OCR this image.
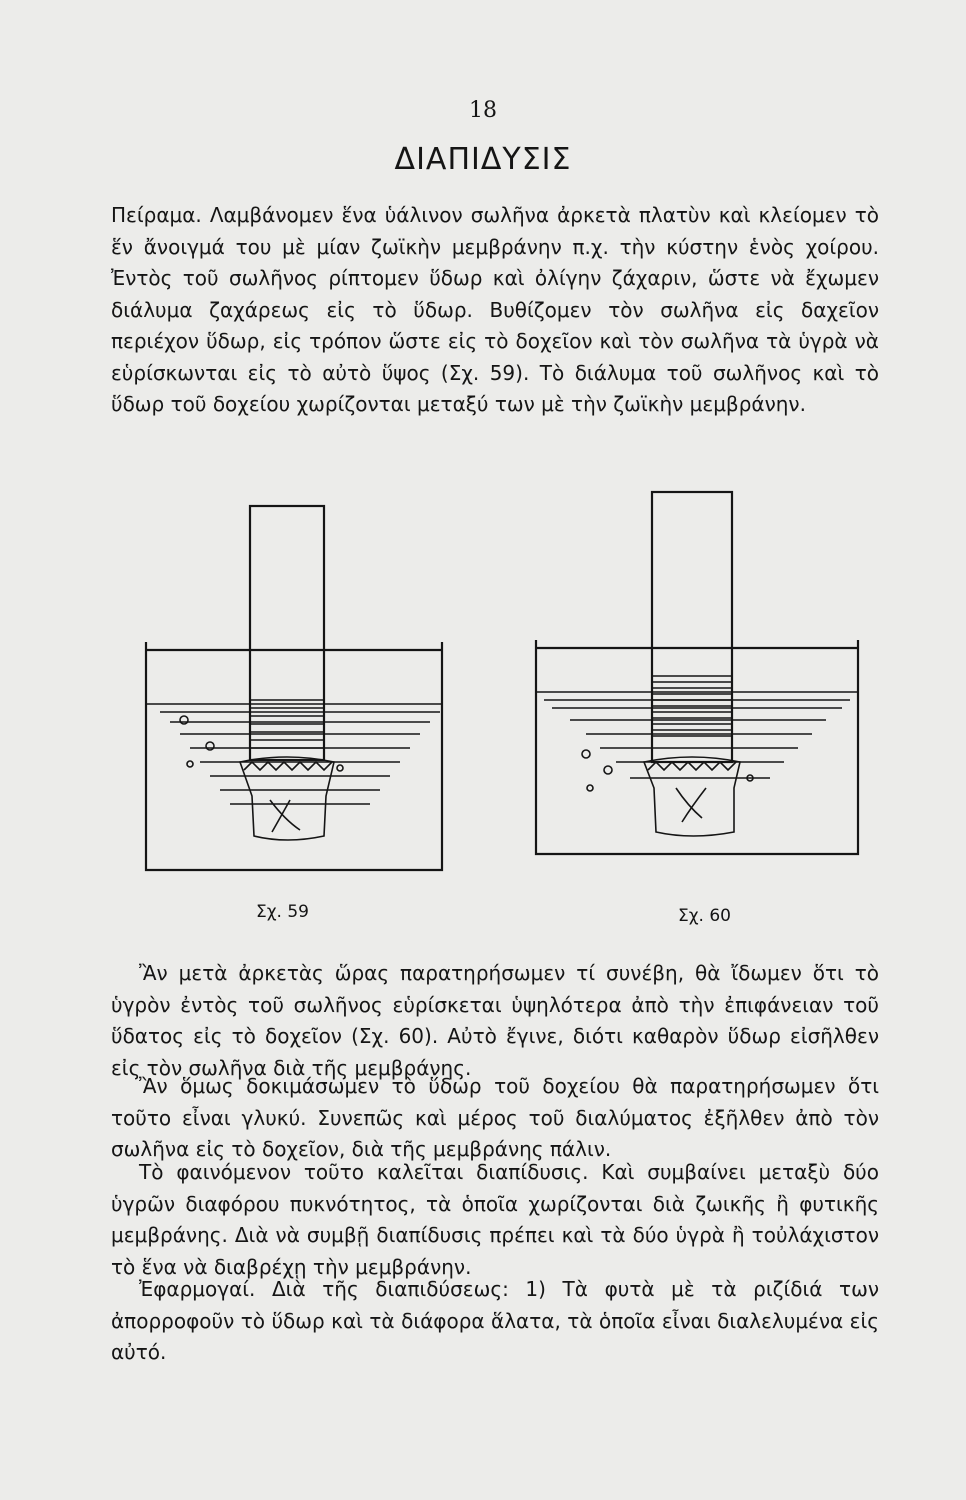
18
ΔΙΑΠΙΔΥΣΙΣ

Πείραμα. Λαμβάνομεν ἕνα ὑάλινον σωλῆνα ἀρκετὰ πλατὺν καὶ κλείομεν τὸ ἕν ἄνοιγμά του μὲ μίαν ζωϊκὴν μεμβράνην π.χ. τὴν κύστην ἑνὸς χοίρου. Ἐντὸς τοῦ σωλῆνος ρίπτομεν ὕδωρ καὶ ὀλίγην ζάχαριν, ὥστε νὰ ἔχωμεν διάλυμα ζαχάρεως εἰς τὸ ὕδωρ. Βυθίζομεν τὸν σωλῆνα εἰς δαχεῖον περιέχον ὕδωρ, εἰς τρόπον ὥστε εἰς τὸ δοχεῖον καὶ τὸν σωλῆνα τὰ ὑγρὰ νὰ εὑρίσκωνται εἰς τὸ αὐτὸ ὕψος (Σχ. 59). Τὸ διάλυμα τοῦ σωλῆνος καὶ τὸ ὕδωρ τοῦ δοχείου χωρίζονται μεταξύ των μὲ τὴν ζωϊκὴν μεμβράνην.

Σχ. 59	Σχ. 60

Ἂν μετὰ ἀρκετὰς ὥρας παρατηρήσωμεν τί συνέβη, θὰ ἴδωμεν ὅτι τὸ ὑγρὸν ἐντὸς τοῦ σωλῆνος εὑρίσκεται ὑψηλότερα ἀπὸ τὴν ἐπιφάνειαν τοῦ ὕδατος εἰς τὸ δοχεῖον (Σχ. 60). Αὐτὸ ἔγινε, διότι καθαρὸν ὕδωρ εἰσῆλθεν εἰς τὸν σωλῆνα διὰ τῆς μεμβράνης.

Ἂν ὅμως δοκιμάσωμεν τὸ ὕδωρ τοῦ δοχείου θὰ παρατηρήσωμεν ὅτι τοῦτο εἶναι γλυκύ. Συνεπῶς καὶ μέρος τοῦ διαλύματος ἐξῆλθεν ἀπὸ τὸν σωλῆνα εἰς τὸ δοχεῖον, διὰ τῆς μεμβράνης πάλιν.

Τὸ φαινόμενον τοῦτο καλεῖται διαπίδυσις. Καὶ συμβαίνει μεταξὺ δύο ὑγρῶν διαφόρου πυκνότητος, τὰ ὁποῖα χωρίζονται διὰ ζωικῆς ἢ φυτικῆς μεμβράνης. Διὰ νὰ συμβῇ διαπίδυσις πρέπει καὶ τὰ δύο ὑγρὰ ἢ τοὐλάχιστον τὸ ἕνα νὰ διαβρέχῃ τὴν μεμβράνην.

Ἐφαρμογαί. Διὰ τῆς διαπιδύσεως: 1) Τὰ φυτὰ μὲ τὰ ριζίδιά των ἀπορροφοῦν τὸ ὕδωρ καὶ τὰ διάφορα ἅλατα, τὰ ὁποῖα εἶναι διαλελυμένα εἰς αὐτό.
